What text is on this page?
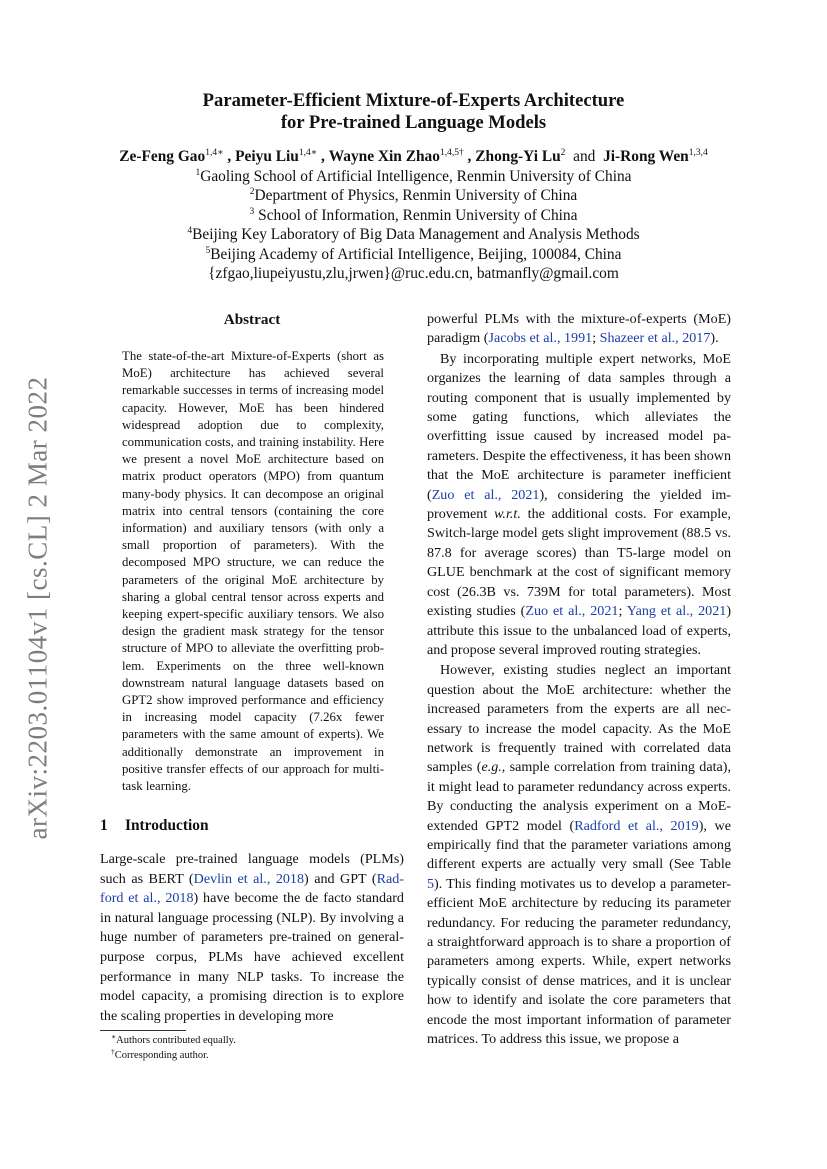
arXiv:2203.01104v1 [cs.CL] 2 Mar 2022
Parameter-Efficient Mixture-of-Experts Architecture
for Pre-trained Language Models
Ze-Feng Gao$^{1,4∗}$ , Peiyu Liu$^{1,4∗}$ , Wayne Xin Zhao$^{1,4,5\dagger}$ , Zhong-Yi Lu$^2$ and Ji-Rong Wen$^{1,3,4}$
$^1$Gaoling School of Artificial Intelligence, Renmin University of China
$^2$Department of Physics, Renmin University of China
$^3$ School of Information, Renmin University of China
$^4$Beijing Key Laboratory of Big Data Management and Analysis Methods
$^5$Beijing Academy of Artificial Intelligence, Beijing, 100084, China
{zfgao,liupeiyustu,zlu,jrwen}@ruc.edu.cn, batmanfly@gmail.com
Abstract
The state-of-the-art Mixture-of-Experts (short as MoE) architecture has achieved several remarkable successes in terms of increasing model capacity. However, MoE has been hindered widespread adoption due to complexity, communication costs, and training instability. Here we present a novel MoE architecture based on matrix product operators (MPO) from quantum many-body physics. It can decompose an original matrix into central tensors (containing the core information) and auxiliary tensors (with only a small proportion of parameters). With the decomposed MPO structure, we can reduce the parameters of the original MoE architecture by sharing a global central tensor across experts and keeping expert-specific auxiliary tensors. We also design the gradient mask strategy for the tensor structure of MPO to alleviate the overfitting problem. Experiments on the three well-known downstream natural language datasets based on GPT2 show improved performance and efficiency in increasing model capacity (7.26x fewer parameters with the same amount of experts). We additionally demonstrate an improvement in positive transfer effects of our approach for multi-task learning.
1 Introduction
Large-scale pre-trained language models (PLMs) such as BERT (Devlin et al., 2018) and GPT (Radford et al., 2018) have become the de facto standard in natural language processing (NLP). By involving a huge number of parameters pre-trained on general-purpose corpus, PLMs have achieved excellent performance in many NLP tasks. To increase the model capacity, a promising direction is to explore the scaling properties in developing more
∗Authors contributed equally.
†Corresponding author.

powerful PLMs with the mixture-of-experts (MoE) paradigm (Jacobs et al., 1991; Shazeer et al., 2017).

By incorporating multiple expert networks, MoE organizes the learning of data samples through a routing component that is usually implemented by some gating functions, which alleviates the overfitting issue caused by increased model parameters. Despite the effectiveness, it has been shown that the MoE architecture is parameter inefficient (Zuo et al., 2021), considering the yielded improvement w.r.t. the additional costs. For example, Switch-large model gets slight improvement (88.5 vs. 87.8 for average scores) than T5-large model on GLUE benchmark at the cost of significant memory cost (26.3B vs. 739M for total parameters). Most existing studies (Zuo et al., 2021; Yang et al., 2021) attribute this issue to the unbalanced load of experts, and propose several improved routing strategies.

However, existing studies neglect an important question about the MoE architecture: whether the increased parameters from the experts are all necessary to increase the model capacity. As the MoE network is frequently trained with correlated data samples (e.g., sample correlation from training data), it might lead to parameter redundancy across experts. By conducting the analysis experiment on a MoE-extended GPT2 model (Radford et al., 2019), we empirically find that the parameter variations among different experts are actually very small (See Table 5). This finding motivates us to develop a parameter-efficient MoE architecture by reducing its parameter redundancy. For reducing the parameter redundancy, a straightforward approach is to share a proportion of parameters among experts. While, expert networks typically consist of dense matrices, and it is unclear how to identify and isolate the core parameters that encode the most important information of parameter matrices. To address this issue, we propose a
